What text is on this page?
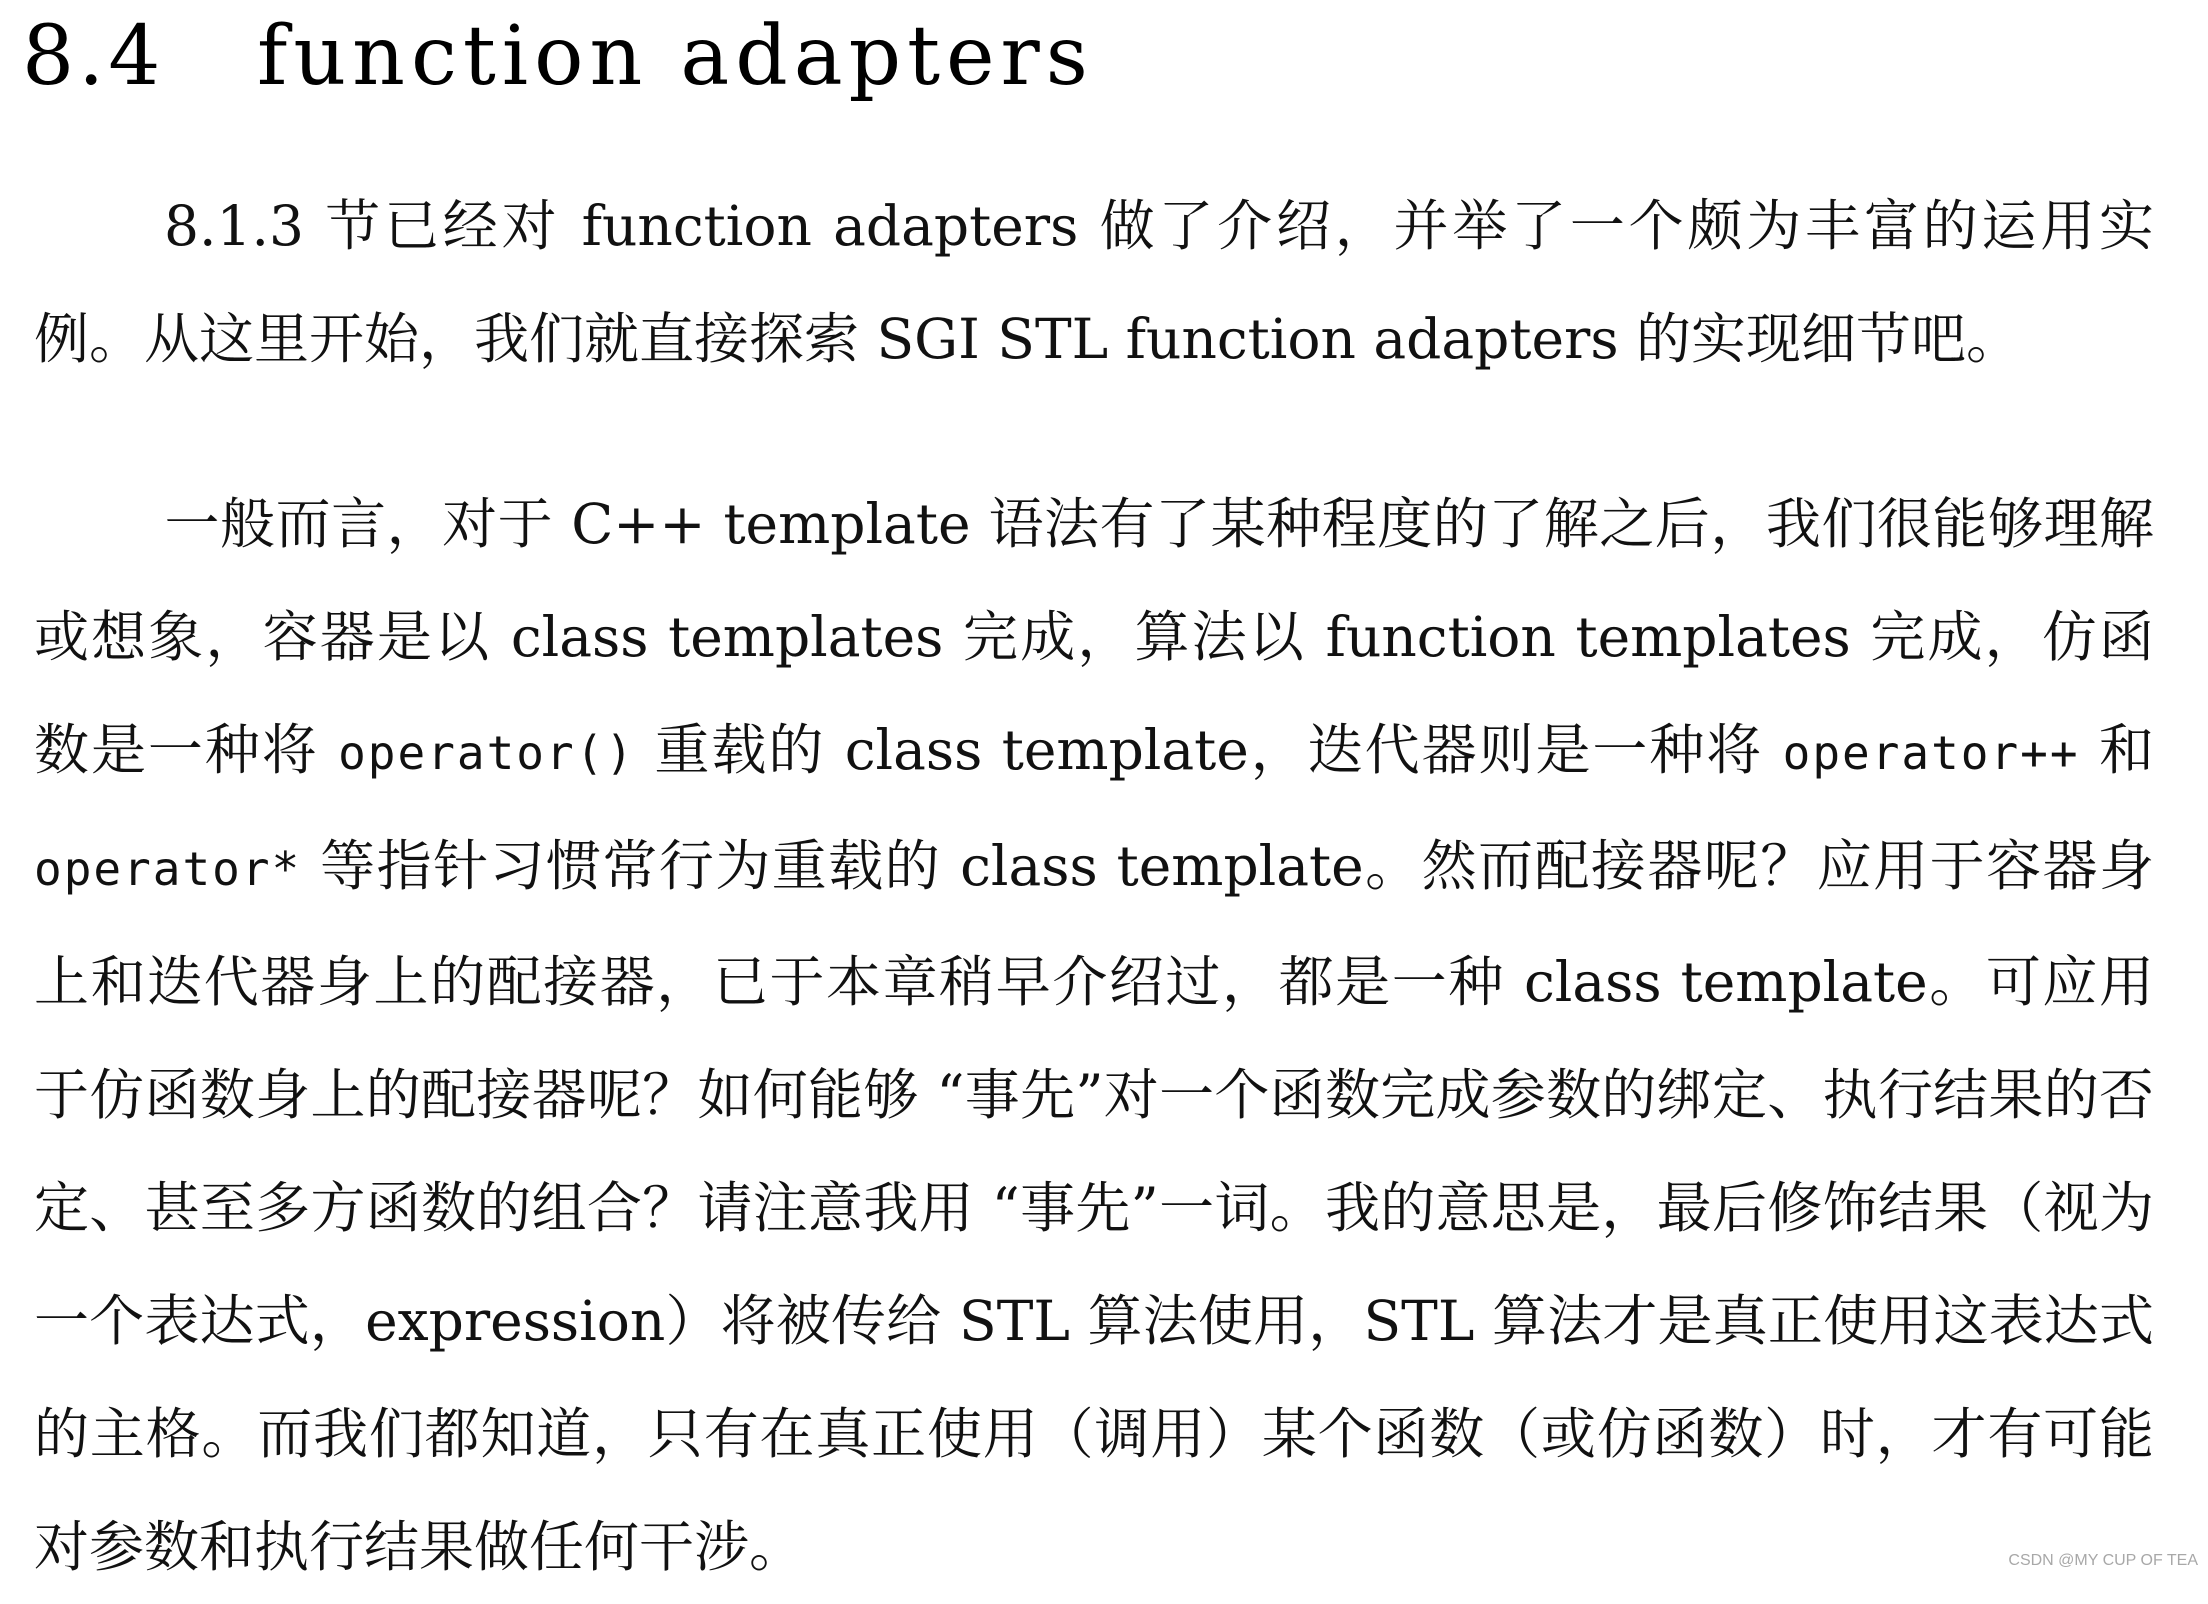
8.4	function adapters
8.1.3 节已经对 function adapters 做了介绍，并举了一个颇为丰富的运用实例。从这里开始，我们就直接探索 SGI STL function adapters 的实现细节吧。
一般而言，对于 C++ template 语法有了某种程度的了解之后，我们很能够理解或想象，容器是以 class templates 完成，算法以 function templates 完成，仿函数是一种将 operator() 重载的 class template，迭代器则是一种将 operator++ 和 operator* 等指针习惯常行为重载的 class template。然而配接器呢？应用于容器身上和迭代器身上的配接器，已于本章稍早介绍过，都是一种 class template。可应用于仿函数身上的配接器呢？如何能够 “事先”对一个函数完成参数的绑定、执行结果的否定、甚至多方函数的组合？请注意我用 “事先”一词。我的意思是，最后修饰结果（视为一个表达式，expression）将被传给 STL 算法使用，STL 算法才是真正使用这表达式的主格。而我们都知道，只有在真正使用（调用）某个函数（或仿函数）时，才有可能对参数和执行结果做任何干涉。	CSDN @MY CUP OF TEA
